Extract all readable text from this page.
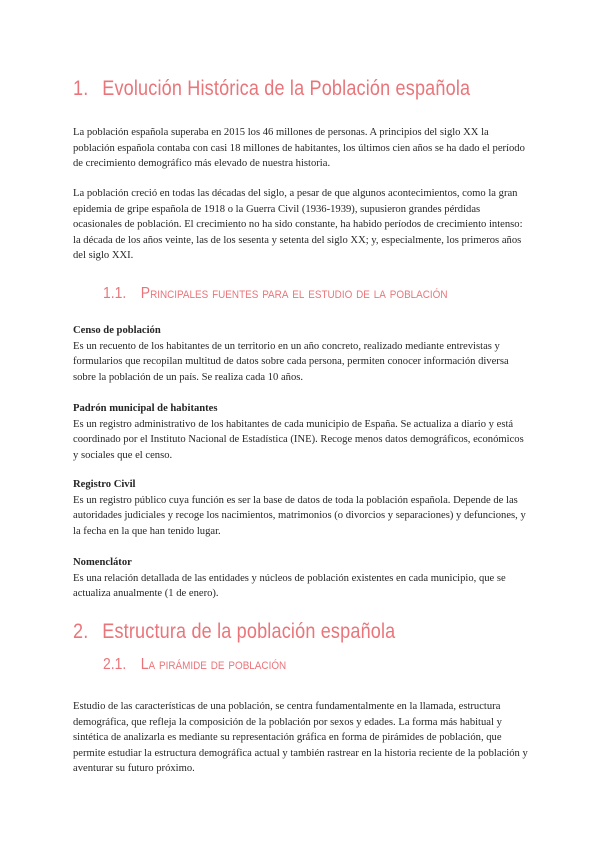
1. Evolución Histórica de la Población española
La población española superaba en 2015 los 46 millones de personas. A principios del siglo XX la población española contaba con casi 18 millones de habitantes, los últimos cien años se ha dado el período de crecimiento demográfico más elevado de nuestra historia.
La población creció en todas las décadas del siglo, a pesar de que algunos acontecimientos, como la gran epidemia de gripe española de 1918 o la Guerra Civil (1936-1939), supusieron grandes pérdidas ocasionales de población. El crecimiento no ha sido constante, ha habido períodos de crecimiento intenso: la década de los años veinte, las de los sesenta y setenta del siglo XX; y, especialmente, los primeros años del siglo XXI.
1.1. Principales fuentes para el estudio de la población
Censo de población
Es un recuento de los habitantes de un territorio en un año concreto, realizado mediante entrevistas y formularios que recopilan multitud de datos sobre cada persona, permiten conocer información diversa sobre la población de un país. Se realiza cada 10 años.
Padrón municipal de habitantes
Es un registro administrativo de los habitantes de cada municipio de España. Se actualiza a diario y está coordinado por el Instituto Nacional de Estadística (INE). Recoge menos datos demográficos, económicos y sociales que el censo.
Registro Civil
Es un registro público cuya función es ser la base de datos de toda la población española. Depende de las autoridades judiciales y recoge los nacimientos, matrimonios (o divorcios y separaciones) y defunciones, y la fecha en la que han tenido lugar.
Nomenclátor
Es una relación detallada de las entidades y núcleos de población existentes en cada municipio, que se actualiza anualmente (1 de enero).
2. Estructura de la población española
2.1. La pirámide de población
Estudio de las características de una población, se centra fundamentalmente en la llamada, estructura demográfica, que refleja la composición de la población por sexos y edades. La forma más habitual y sintética de analizarla es mediante su representación gráfica en forma de pirámides de población, que permite estudiar la estructura demográfica actual y también rastrear en la historia reciente de la población y aventurar su futuro próximo.
